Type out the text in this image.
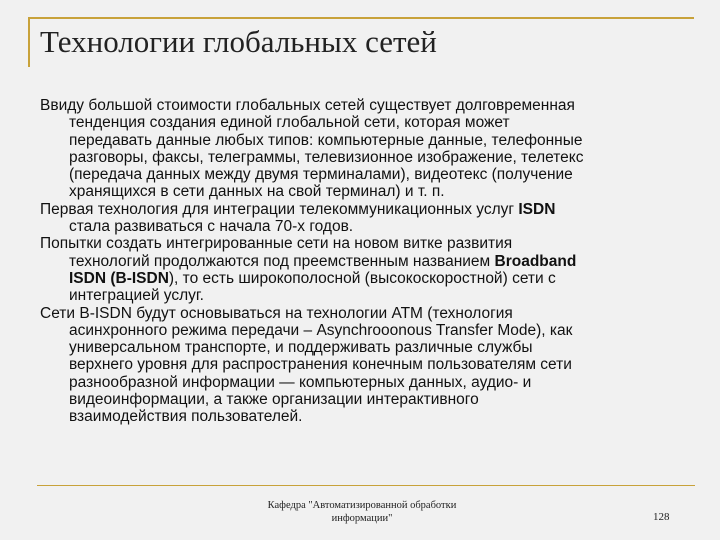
Технологии глобальных сетей

Ввиду большой стоимости глобальных сетей существует долговременная
тенденция создания единой глобальной сети, которая может
передавать данные любых типов: компьютерные данные, телефонные
разговоры, факсы, телеграммы, телевизионное изображение, телетекс
(передача данных между двумя терминалами), видеотекс (получение
хранящихся в сети данных на свой терминал) и т. п.

Первая технология для интеграции телекоммуникационных услуг ISDN
стала развиваться с начала 70-х годов.

Попытки создать интегрированные сети на новом витке развития
технологий продолжаются под преемственным названием Broadband
ISDN (B-ISDN), то есть широкополосной (высокоскоростной) сети с
интеграцией услуг.

Сети B-ISDN будут основываться на технологии АТМ (технология
асинхронного режима передачи – Asynchroоonous Transfer Mode), как
универсальном транспорте, и поддерживать различные службы
верхнего уровня для распространения конечным пользователям сети
разнообразной информации — компьютерных данных, аудио- и
видеоинформации, а также организации интерактивного
взаимодействия пользователей.

Кафедра "Автоматизированной обработки
информации"	128
